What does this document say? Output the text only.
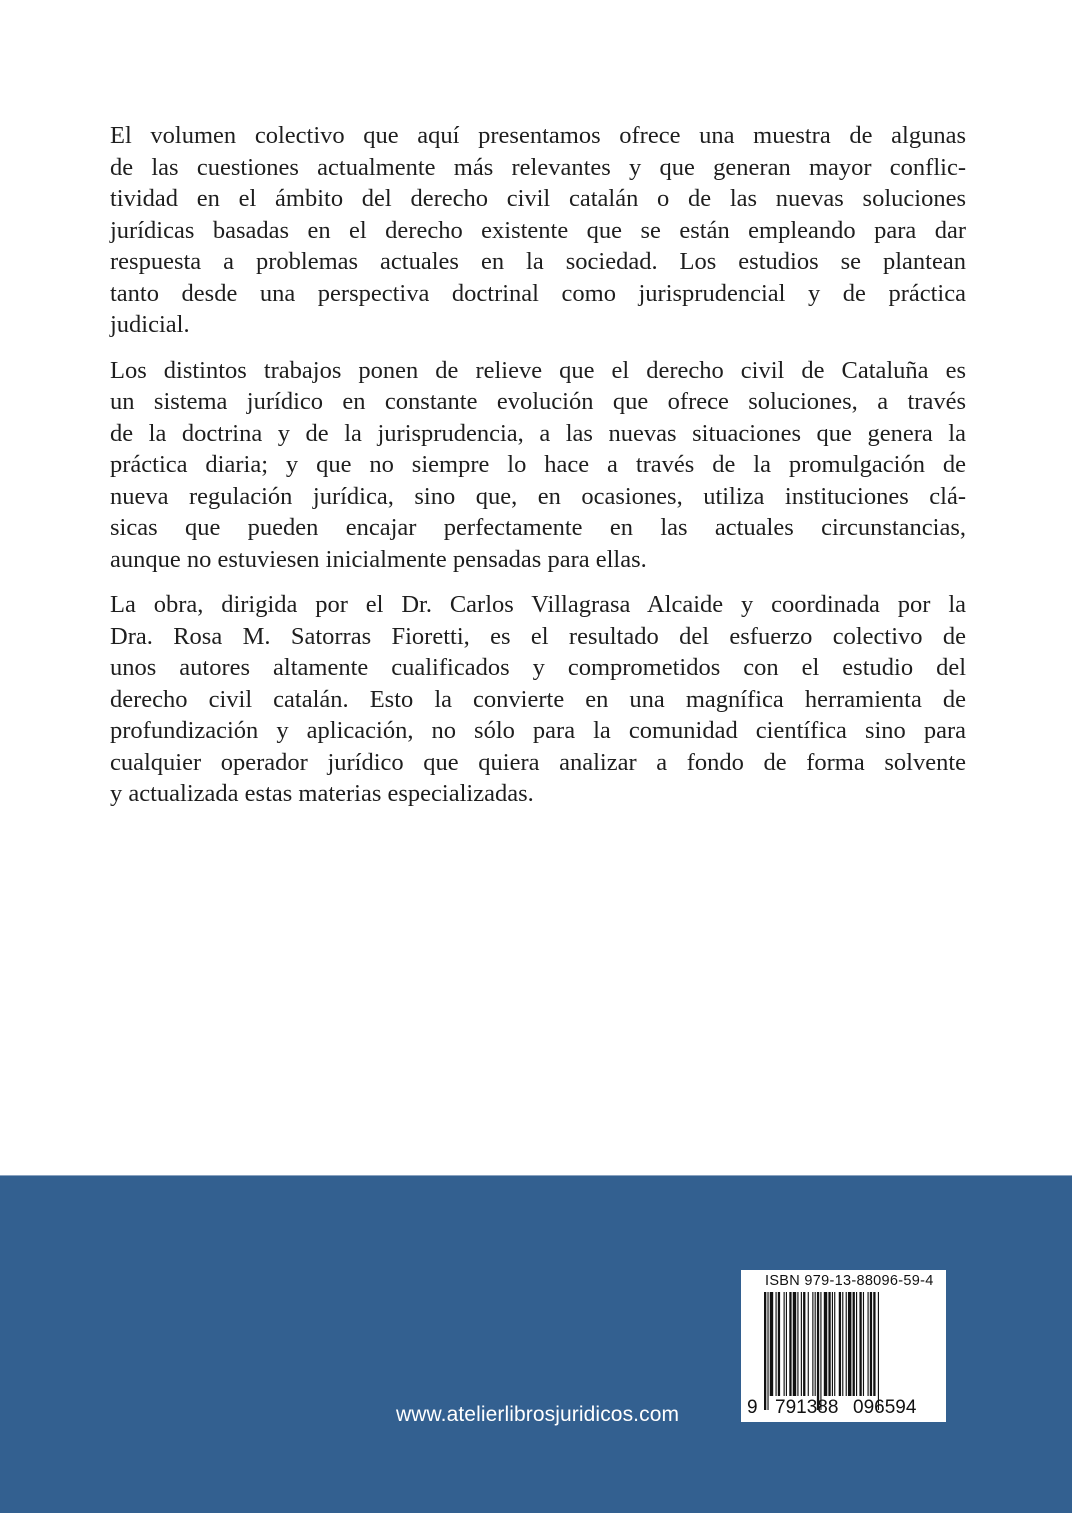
El volumen colectivo que aquí presentamos ofrece una muestra de algunas
de las cuestiones actualmente más relevantes y que generan mayor conflic-
tividad en el ámbito del derecho civil catalán o de las nuevas soluciones
jurídicas basadas en el derecho existente que se están empleando para dar
respuesta a problemas actuales en la sociedad. Los estudios se plantean
tanto desde una perspectiva doctrinal como jurisprudencial y de práctica
judicial.
Los distintos trabajos ponen de relieve que el derecho civil de Cataluña es
un sistema jurídico en constante evolución que ofrece soluciones, a través
de la doctrina y de la jurisprudencia, a las nuevas situaciones que genera la
práctica diaria; y que no siempre lo hace a través de la promulgación de
nueva regulación jurídica, sino que, en ocasiones, utiliza instituciones clá-
sicas que pueden encajar perfectamente en las actuales circunstancias,
aunque no estuviesen inicialmente pensadas para ellas.
La obra, dirigida por el Dr. Carlos Villagrasa Alcaide y coordinada por la
Dra. Rosa M. Satorras Fioretti, es el resultado del esfuerzo colectivo de
unos autores altamente cualificados y comprometidos con el estudio del
derecho civil catalán. Esto la convierte en una magnífica herramienta de
profundización y aplicación, no sólo para la comunidad científica sino para
cualquier operador jurídico que quiera analizar a fondo de forma solvente
y actualizada estas materias especializadas.
www.atelierlibrosjuridicos.com
ISBN 979-13-88096-59-4
9 791388 096594
